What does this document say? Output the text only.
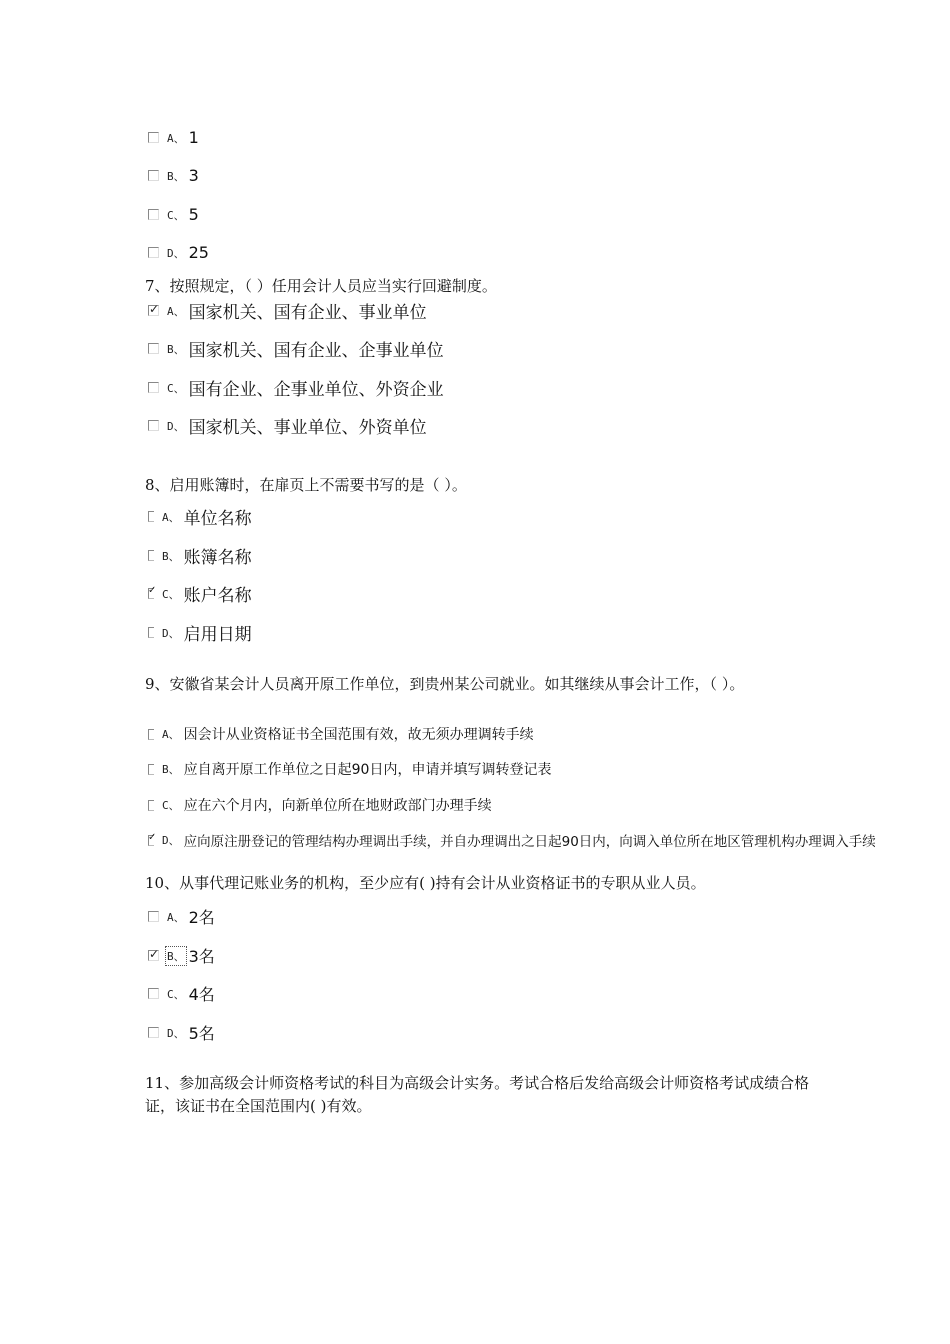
A、 1
B、 3
C、 5
D、 25
7、按照规定，（ ）任用会计人员应当实行回避制度。
✓
A、 国家机关、国有企业、事业单位
B、 国家机关、国有企业、企事业单位
C、 国有企业、企事业单位、外资企业
D、 国家机关、事业单位、外资单位
8、启用账簿时，在扉页上不需要书写的是（ ）。
A、 单位名称
B、 账簿名称
✓
C、 账户名称
D、 启用日期
9、安徽省某会计人员离开原工作单位，到贵州某公司就业。如其继续从事会计工作，（ ）。
A、 因会计从业资格证书全国范围有效，故无须办理调转手续
B、 应自离开原工作单位之日起90日内，申请并填写调转登记表
C、 应在六个月内，向新单位所在地财政部门办理手续
✓
D、 应向原注册登记的管理结构办理调出手续，并自办理调出之日起90日内，向调入单位所在地区管理机构办理调入手续
10、从事代理记账业务的机构，至少应有( )持有会计从业资格证书的专职从业人员。
A、 2名
✓
B、 3名
C、 4名
D、 5名
11、参加高级会计师资格考试的科目为高级会计实务。考试合格后发给高级会计师资格考试成绩合格证，该证书在全国范围内( )有效。
